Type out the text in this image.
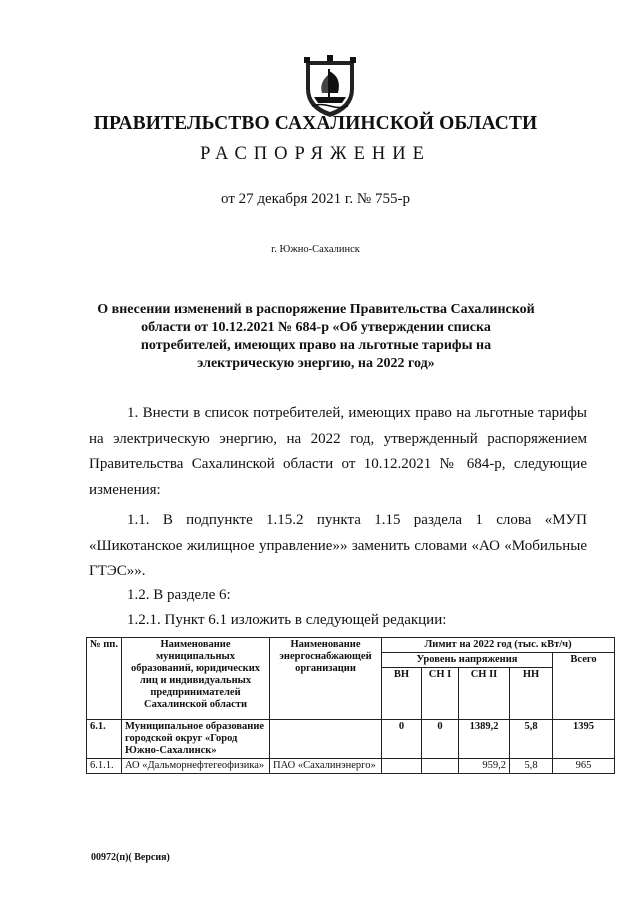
ПРАВИТЕЛЬСТВО САХАЛИНСКОЙ ОБЛАСТИ
РАСПОРЯЖЕНИЕ
от 27 декабря 2021 г. № 755-р
г. Южно-Сахалинск
О внесении изменений в распоряжение Правительства Сахалинской области от 10.12.2021 № 684-р «Об утверждении списка потребителей, имеющих право на льготные тарифы на электрическую энергию, на 2022 год»
1. Внести в список потребителей, имеющих право на льготные тарифы на электрическую энергию, на 2022 год, утвержденный распоряжением Правительства Сахалинской области от 10.12.2021 № 684-р, следующие изменения:
1.1. В подпункте 1.15.2 пункта 1.15 раздела 1 слова «МУП «Шикотанское жилищное управление»» заменить словами «АО «Мобильные ГТЭС»».
1.2. В разделе 6:
1.2.1. Пункт 6.1 изложить в следующей редакции:
№ пп.	Наименование муниципальных образований, юридических лиц и индивидуальных предпринимателей Сахалинской области	Наименование энергоснабжающей организации	Лимит на 2022 год (тыс. кВт/ч)				
			Уровень напряжения				Всего
			ВН	СН I	СН II	НН	
6.1.	Муниципальное образование городской округ «Город Южно-Сахалинск»		0	0	1389,2	5,8	1395
6.1.1.	АО «Дальморнефтегеофизика»	ПАО «Сахалинэнерго»			959,2	5,8	965
00972(п)( Версия)
